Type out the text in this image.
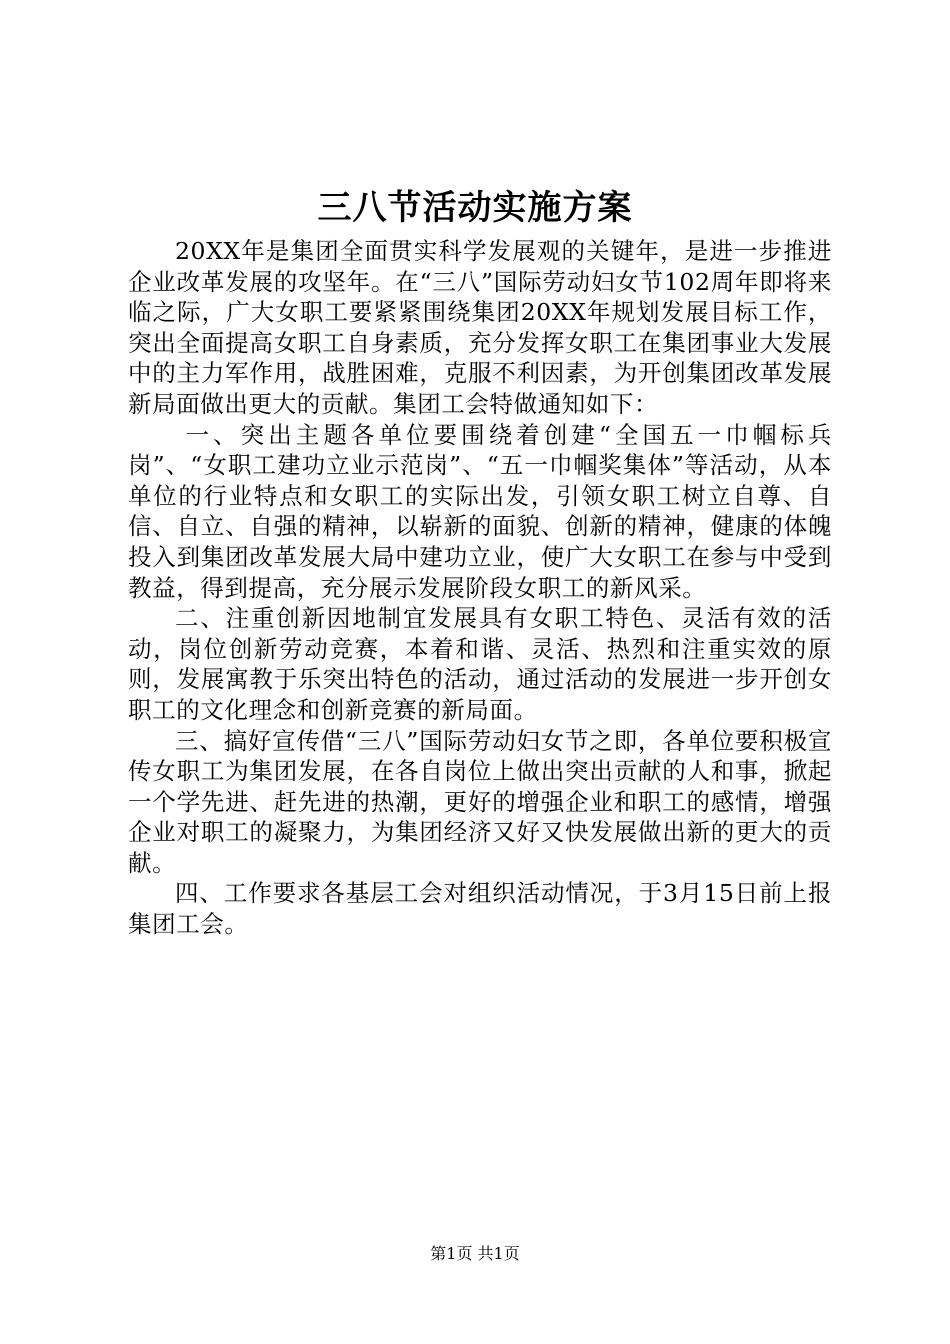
三八节活动实施方案

20XX年是集团全面贯实科学发展观的关键年，是进一步推进企业改革发展的攻坚年。在“三八”国际劳动妇女节102周年即将来临之际，广大女职工要紧紧围绕集团20XX年规划发展目标工作，突出全面提高女职工自身素质，充分发挥女职工在集团事业大发展中的主力军作用，战胜困难，克服不利因素，为开创集团改革发展新局面做出更大的贡献。集团工会特做通知如下：

一、突出主题各单位要围绕着创建“全国五一巾帼标兵岗”、“女职工建功立业示范岗”、“五一巾帼奖集体”等活动，从本单位的行业特点和女职工的实际出发，引领女职工树立自尊、自信、自立、自强的精神，以崭新的面貌、创新的精神，健康的体魄投入到集团改革发展大局中建功立业，使广大女职工在参与中受到教益，得到提高，充分展示发展阶段女职工的新风采。

二、注重创新因地制宜发展具有女职工特色、灵活有效的活动，岗位创新劳动竞赛，本着和谐、灵活、热烈和注重实效的原则，发展寓教于乐突出特色的活动，通过活动的发展进一步开创女职工的文化理念和创新竞赛的新局面。

三、搞好宣传借“三八”国际劳动妇女节之即，各单位要积极宣传女职工为集团发展，在各自岗位上做出突出贡献的人和事，掀起一个学先进、赶先进的热潮，更好的增强企业和职工的感情，增强企业对职工的凝聚力，为集团经济又好又快发展做出新的更大的贡献。

四、工作要求各基层工会对组织活动情况，于3月15日前上报集团工会。

第1页 共1页
